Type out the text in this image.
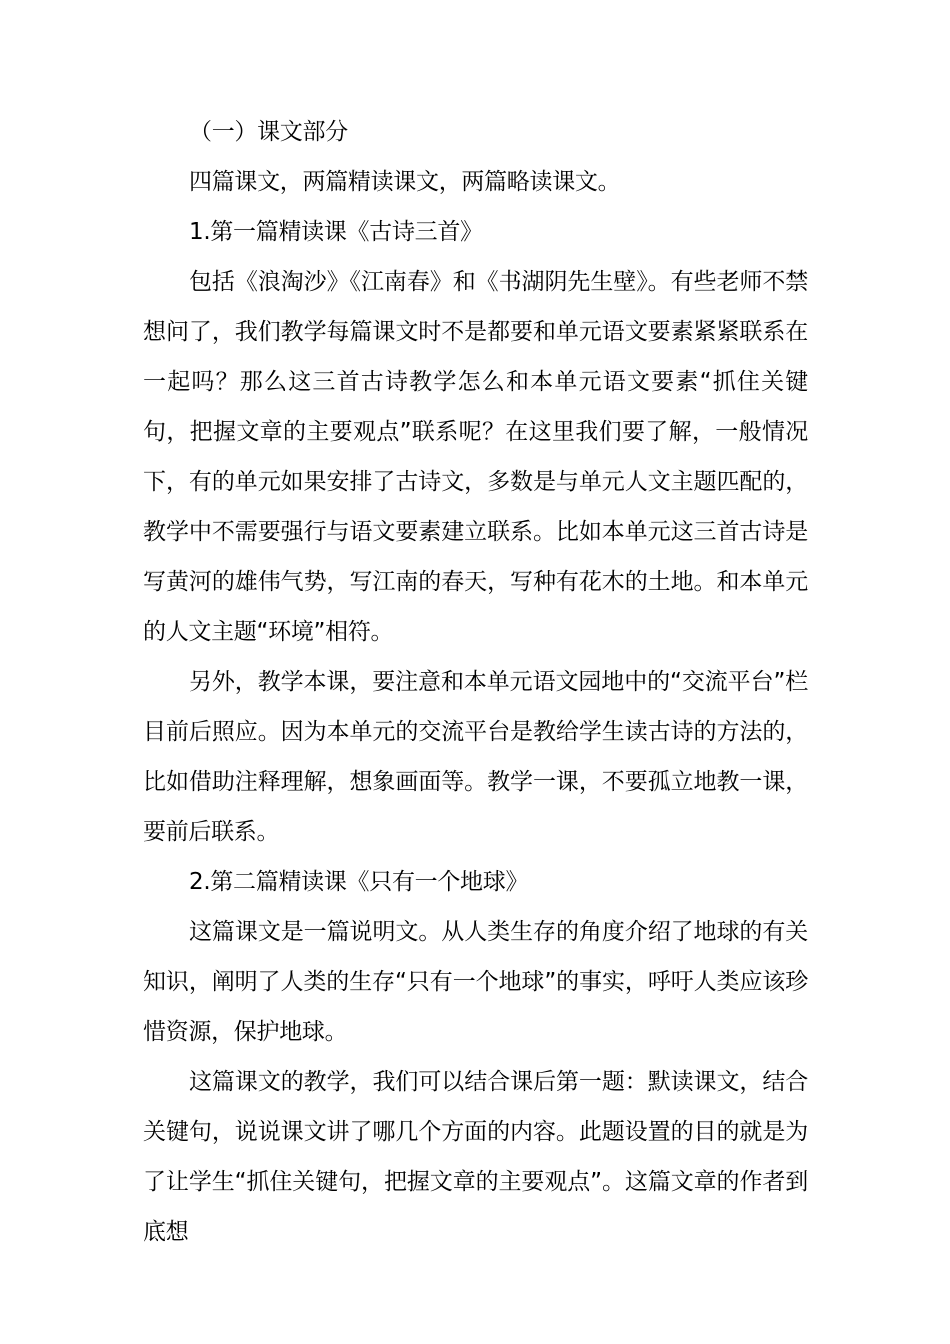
（一）课文部分

四篇课文，两篇精读课文，两篇略读课文。

1.第一篇精读课《古诗三首》

包括《浪淘沙》《江南春》和《书湖阴先生壁》。有些老师不禁想问了，我们教学每篇课文时不是都要和单元语文要素紧紧联系在一起吗？那么这三首古诗教学怎么和本单元语文要素“抓住关键句，把握文章的主要观点”联系呢？在这里我们要了解，一般情况下，有的单元如果安排了古诗文，多数是与单元人文主题匹配的，教学中不需要强行与语文要素建立联系。比如本单元这三首古诗是写黄河的雄伟气势，写江南的春天，写种有花木的土地。和本单元的人文主题“环境”相符。

另外，教学本课，要注意和本单元语文园地中的“交流平台”栏目前后照应。因为本单元的交流平台是教给学生读古诗的方法的，比如借助注释理解，想象画面等。教学一课，不要孤立地教一课，要前后联系。

2.第二篇精读课《只有一个地球》

这篇课文是一篇说明文。从人类生存的角度介绍了地球的有关知识，阐明了人类的生存“只有一个地球”的事实，呼吁人类应该珍惜资源，保护地球。

这篇课文的教学，我们可以结合课后第一题：默读课文，结合关键句，说说课文讲了哪几个方面的内容。此题设置的目的就是为了让学生“抓住关键句，把握文章的主要观点”。这篇文章的作者到底想
